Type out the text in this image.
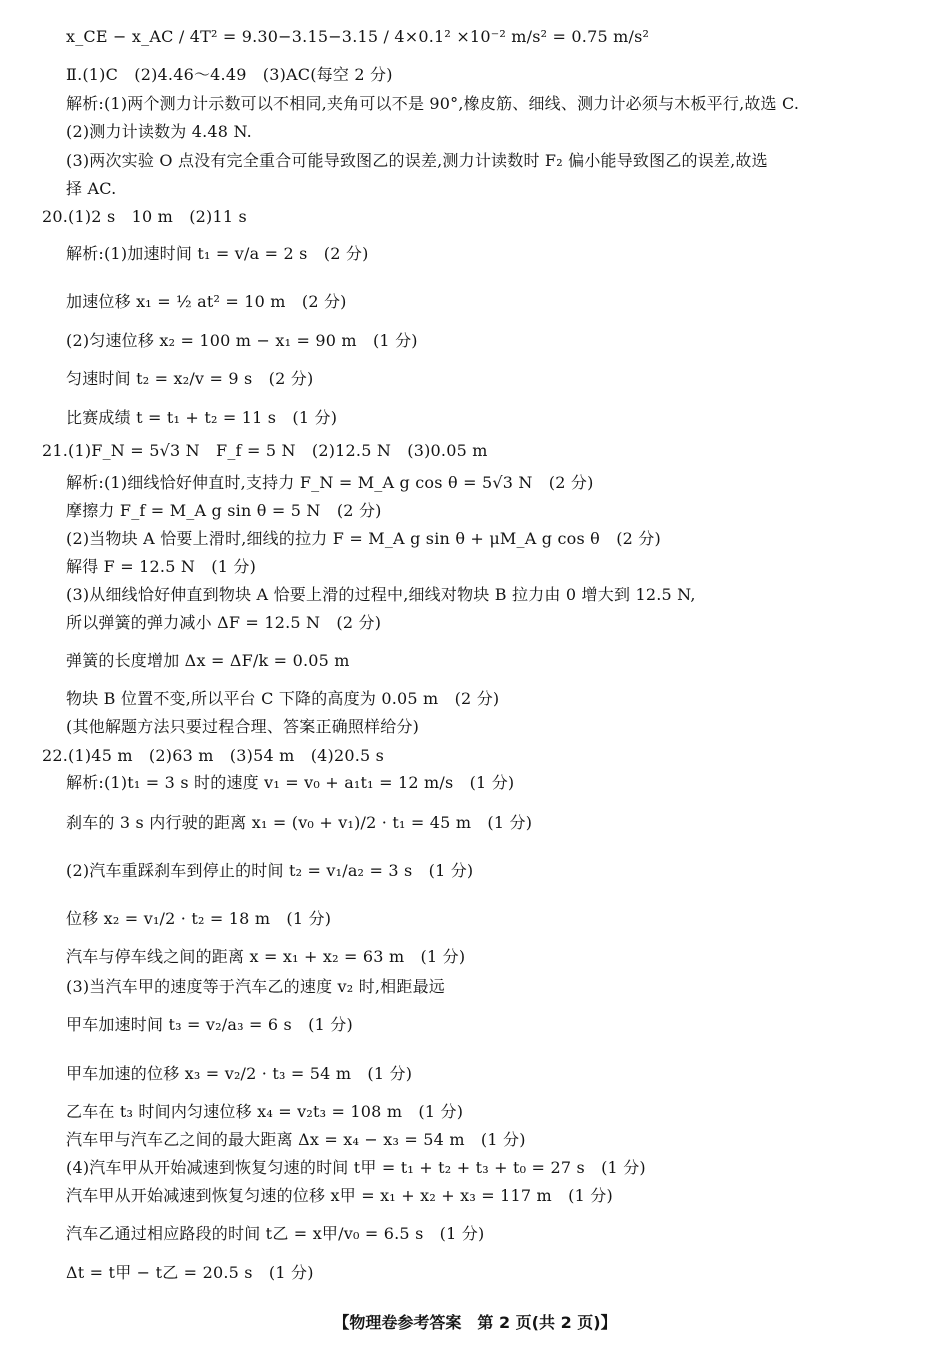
x_CE − x_AC / 4T² = 9.30−3.15−3.15 / 4×0.1² ×10⁻² m/s² = 0.75 m/s²
Ⅱ.(1)C　(2)4.46～4.49　(3)AC(每空 2 分)
解析:(1)两个测力计示数可以不相同,夹角可以不是 90°,橡皮筋、细线、测力计必须与木板平行,故选 C.
(2)测力计读数为 4.48 N.
(3)两次实验 O 点没有完全重合可能导致图乙的误差,测力计读数时 F₂ 偏小能导致图乙的误差,故选
择 AC.
20.(1)2 s　10 m　(2)11 s
解析:(1)加速时间 t₁ = v/a = 2 s　(2 分)
加速位移 x₁ = ½ at² = 10 m　(2 分)
(2)匀速位移 x₂ = 100 m − x₁ = 90 m　(1 分)
匀速时间 t₂ = x₂/v = 9 s　(2 分)
比赛成绩 t = t₁ + t₂ = 11 s　(1 分)
21.(1)F_N = 5√3 N　F_f = 5 N　(2)12.5 N　(3)0.05 m
解析:(1)细线恰好伸直时,支持力 F_N = M_A g cos θ = 5√3 N　(2 分)
摩擦力 F_f = M_A g sin θ = 5 N　(2 分)
(2)当物块 A 恰要上滑时,细线的拉力 F = M_A g sin θ + μM_A g cos θ　(2 分)
解得 F = 12.5 N　(1 分)
(3)从细线恰好伸直到物块 A 恰要上滑的过程中,细线对物块 B 拉力由 0 增大到 12.5 N,
所以弹簧的弹力减小 ΔF = 12.5 N　(2 分)
弹簧的长度增加 Δx = ΔF/k = 0.05 m
物块 B 位置不变,所以平台 C 下降的高度为 0.05 m　(2 分)
(其他解题方法只要过程合理、答案正确照样给分)
22.(1)45 m　(2)63 m　(3)54 m　(4)20.5 s
解析:(1)t₁ = 3 s 时的速度 v₁ = v₀ + a₁t₁ = 12 m/s　(1 分)
刹车的 3 s 内行驶的距离 x₁ = (v₀ + v₁)/2 · t₁ = 45 m　(1 分)
(2)汽车重踩刹车到停止的时间 t₂ = v₁/a₂ = 3 s　(1 分)
位移 x₂ = v₁/2 · t₂ = 18 m　(1 分)
汽车与停车线之间的距离 x = x₁ + x₂ = 63 m　(1 分)
(3)当汽车甲的速度等于汽车乙的速度 v₂ 时,相距最远
甲车加速时间 t₃ = v₂/a₃ = 6 s　(1 分)
甲车加速的位移 x₃ = v₂/2 · t₃ = 54 m　(1 分)
乙车在 t₃ 时间内匀速位移 x₄ = v₂t₃ = 108 m　(1 分)
汽车甲与汽车乙之间的最大距离 Δx = x₄ − x₃ = 54 m　(1 分)
(4)汽车甲从开始减速到恢复匀速的时间 t甲 = t₁ + t₂ + t₃ + t₀ = 27 s　(1 分)
汽车甲从开始减速到恢复匀速的位移 x甲 = x₁ + x₂ + x₃ = 117 m　(1 分)
汽车乙通过相应路段的时间 t乙 = x甲/v₀ = 6.5 s　(1 分)
Δt = t甲 − t乙 = 20.5 s　(1 分)
【物理卷参考答案　第 2 页(共 2 页)】
